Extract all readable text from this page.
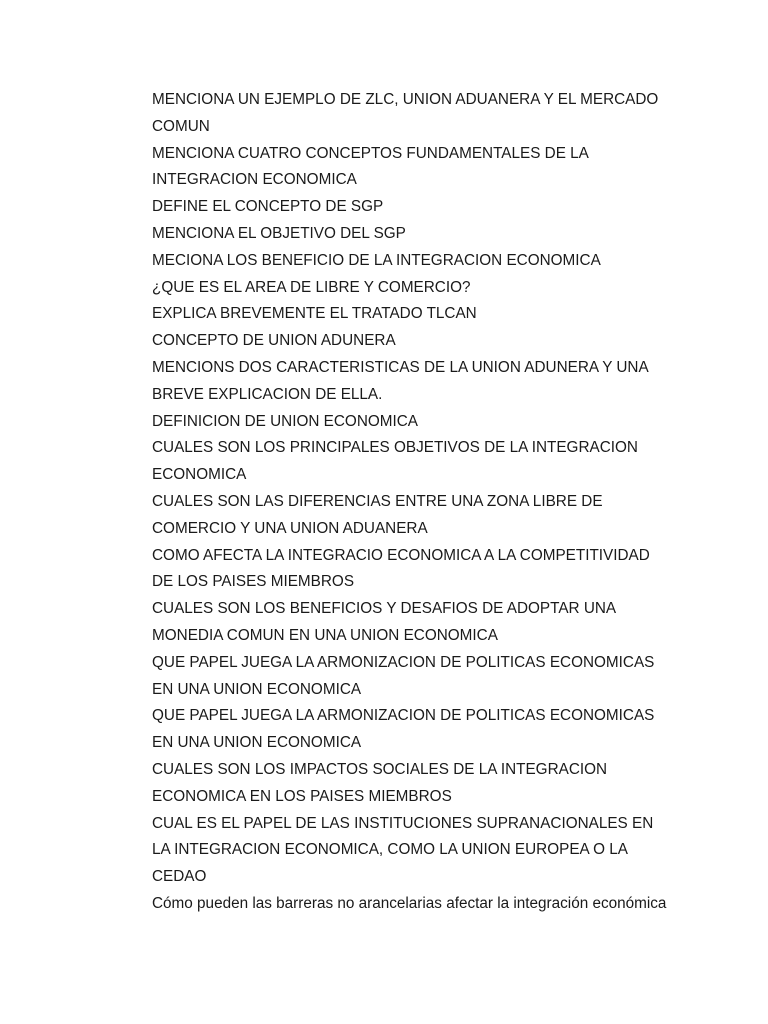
MENCIONA UN EJEMPLO DE ZLC, UNION ADUANERA Y EL MERCADO COMUN
MENCIONA CUATRO CONCEPTOS FUNDAMENTALES DE LA INTEGRACION ECONOMICA
DEFINE EL CONCEPTO DE SGP
MENCIONA EL OBJETIVO DEL SGP
MECIONA LOS BENEFICIO DE LA INTEGRACION ECONOMICA
¿QUE ES EL AREA DE LIBRE Y COMERCIO?
EXPLICA BREVEMENTE EL TRATADO TLCAN
CONCEPTO DE UNION ADUNERA
MENCIONS DOS CARACTERISTICAS DE LA UNION ADUNERA Y UNA BREVE EXPLICACION DE ELLA.
DEFINICION DE UNION ECONOMICA
CUALES SON LOS PRINCIPALES OBJETIVOS DE LA INTEGRACION ECONOMICA
CUALES SON LAS DIFERENCIAS ENTRE UNA ZONA LIBRE DE COMERCIO Y UNA UNION ADUANERA
COMO AFECTA LA INTEGRACIO ECONOMICA A LA COMPETITIVIDAD DE LOS PAISES MIEMBROS
CUALES SON LOS BENEFICIOS Y DESAFIOS DE ADOPTAR UNA MONEDIA COMUN EN UNA UNION ECONOMICA
QUE PAPEL JUEGA LA ARMONIZACION DE POLITICAS ECONOMICAS EN UNA UNION ECONOMICA
QUE PAPEL JUEGA LA ARMONIZACION DE POLITICAS ECONOMICAS EN UNA UNION ECONOMICA
CUALES SON LOS IMPACTOS SOCIALES DE LA INTEGRACION ECONOMICA EN LOS PAISES MIEMBROS
CUAL ES EL PAPEL DE LAS INSTITUCIONES SUPRANACIONALES EN LA INTEGRACION ECONOMICA, COMO LA UNION EUROPEA O LA CEDAO
Cómo pueden las barreras no arancelarias afectar la integración económica
